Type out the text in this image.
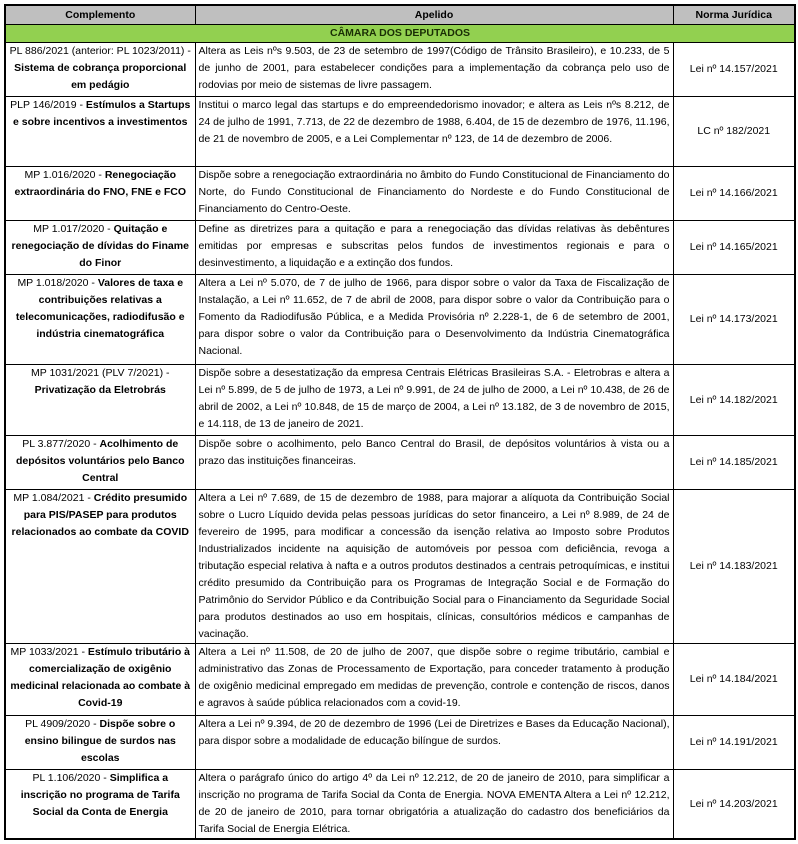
Complemento	Apelido	Norma Jurídica
CÂMARA DOS DEPUTADOS		
PL 886/2021 (anterior: PL 1023/2011) - Sistema de cobrança proporcional em pedágio	Altera as Leis nºs 9.503, de 23 de setembro de 1997(Código de Trânsito Brasileiro), e 10.233, de 5 de junho de 2001, para estabelecer condições para a implementação da cobrança pelo uso de rodovias por meio de sistemas de livre passagem.	Lei nº 14.157/2021
PLP 146/2019 - Estímulos a Startups e sobre incentivos a investimentos	Institui o marco legal das startups e do empreendedorismo inovador; e altera as Leis nºs 8.212, de 24 de julho de 1991, 7.713, de 22 de dezembro de 1988, 6.404, de 15 de dezembro de 1976, 11.196, de 21 de novembro de 2005, e a Lei Complementar nº 123, de 14 de dezembro de 2006.	LC nº 182/2021
MP 1.016/2020 - Renegociação extraordinária do FNO, FNE e FCO	Dispõe sobre a renegociação extraordinária no âmbito do Fundo Constitucional de Financiamento do Norte, do Fundo Constitucional de Financiamento do Nordeste e do Fundo Constitucional de Financiamento do Centro-Oeste.	Lei nº 14.166/2021
MP 1.017/2020 - Quitação e renegociação de dívidas do Finame do Finor	Define as diretrizes para a quitação e para a renegociação das dívidas relativas às debêntures emitidas por empresas e subscritas pelos fundos de investimentos regionais e para o desinvestimento, a liquidação e a extinção dos fundos.	Lei nº 14.165/2021
MP 1.018/2020 - Valores de taxa e contribuições relativas a telecomunicações, radiodifusão e indústria cinematográfica	Altera a Lei nº 5.070, de 7 de julho de 1966, para dispor sobre o valor da Taxa de Fiscalização de Instalação, a Lei nº 11.652, de 7 de abril de 2008, para dispor sobre o valor da Contribuição para o Fomento da Radiodifusão Pública, e a Medida Provisória nº 2.228-1, de 6 de setembro de 2001, para dispor sobre o valor da Contribuição para o Desenvolvimento da Indústria Cinematográfica Nacional.	Lei nº 14.173/2021
MP 1031/2021 (PLV 7/2021) - Privatização da Eletrobrás	Dispõe sobre a desestatização da empresa Centrais Elétricas Brasileiras S.A. - Eletrobras e altera a Lei nº 5.899, de 5 de julho de 1973, a Lei nº 9.991, de 24 de julho de 2000, a Lei nº 10.438, de 26 de abril de 2002, a Lei nº 10.848, de 15 de março de 2004, a Lei nº 13.182, de 3 de novembro de 2015, e 14.118, de 13 de janeiro de 2021.	Lei nº 14.182/2021
PL 3.877/2020 - Acolhimento de depósitos voluntários pelo Banco Central	Dispõe sobre o acolhimento, pelo Banco Central do Brasil, de depósitos voluntários à vista ou a prazo das instituições financeiras.	Lei nº 14.185/2021
MP 1.084/2021 - Crédito presumido para PIS/PASEP para produtos relacionados ao combate da COVID	Altera a Lei nº 7.689, de 15 de dezembro de 1988, para majorar a alíquota da Contribuição Social sobre o Lucro Líquido devida pelas pessoas jurídicas do setor financeiro, a Lei nº 8.989, de 24 de fevereiro de 1995, para modificar a concessão da isenção relativa ao Imposto sobre Produtos Industrializados incidente na aquisição de automóveis por pessoa com deficiência, revoga a tributação especial relativa à nafta e a outros produtos destinados a centrais petroquímicas, e institui crédito presumido da Contribuição para os Programas de Integração Social e de Formação do Patrimônio do Servidor Público e da Contribuição Social para o Financiamento da Seguridade Social para produtos destinados ao uso em hospitais, clínicas, consultórios médicos e campanhas de vacinação.	Lei nº 14.183/2021
MP 1033/2021 - Estímulo tributário à comercialização de oxigênio medicinal relacionada ao combate à Covid-19	Altera a Lei nº 11.508, de 20 de julho de 2007, que dispõe sobre o regime tributário, cambial e administrativo das Zonas de Processamento de Exportação, para conceder tratamento à produção de oxigênio medicinal empregado em medidas de prevenção, controle e contenção de riscos, danos e agravos à saúde pública relacionados com a covid-19.	Lei nº 14.184/2021
PL 4909/2020 - Dispõe sobre o ensino bilingue de surdos nas escolas	Altera a Lei nº 9.394, de 20 de dezembro de 1996 (Lei de Diretrizes e Bases da Educação Nacional), para dispor sobre a modalidade de educação bilíngue de surdos.	Lei nº 14.191/2021
PL 1.106/2020 - Simplifica a inscrição no programa de Tarifa Social da Conta de Energia	Altera o parágrafo único do artigo 4º da Lei nº 12.212, de 20 de janeiro de 2010, para simplificar a inscrição no programa de Tarifa Social da Conta de Energia. NOVA EMENTA Altera a Lei nº 12.212, de 20 de janeiro de 2010, para tornar obrigatória a atualização do cadastro dos beneficiários da Tarifa Social de Energia Elétrica.	Lei nº 14.203/2021
